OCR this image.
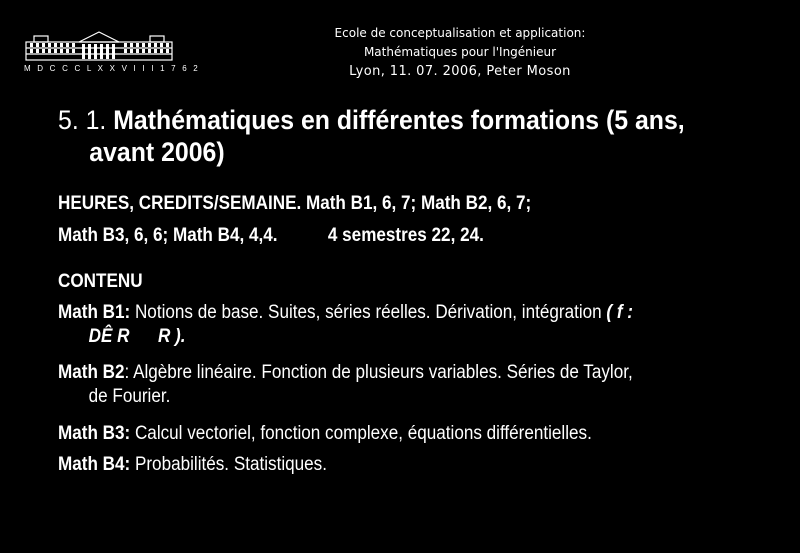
M D C C C L X X V I I I 1 7 6 2
Ecole de conceptualisation et application:
Mathématiques pour l'Ingénieur
Lyon, 11. 07. 2006, Peter Moson
5. 1. Mathématiques en différentes formations (5 ans,
avant 2006)
HEURES, CREDITS/SEMAINE. Math B1, 6, 7; Math B2, 6, 7;
Math B3, 6, 6; Math B4, 4,4.	4 semestres 22, 24.
CONTENU
Math B1: Notions de base. Suites, séries réelles. Dérivation, intégration ( f :
DÊ R      R ).
Math B2: Algèbre linéaire. Fonction de plusieurs variables. Séries de Taylor,
de Fourier.
Math B3: Calcul vectoriel, fonction complexe, équations différentielles.
Math B4: Probabilités. Statistiques.
